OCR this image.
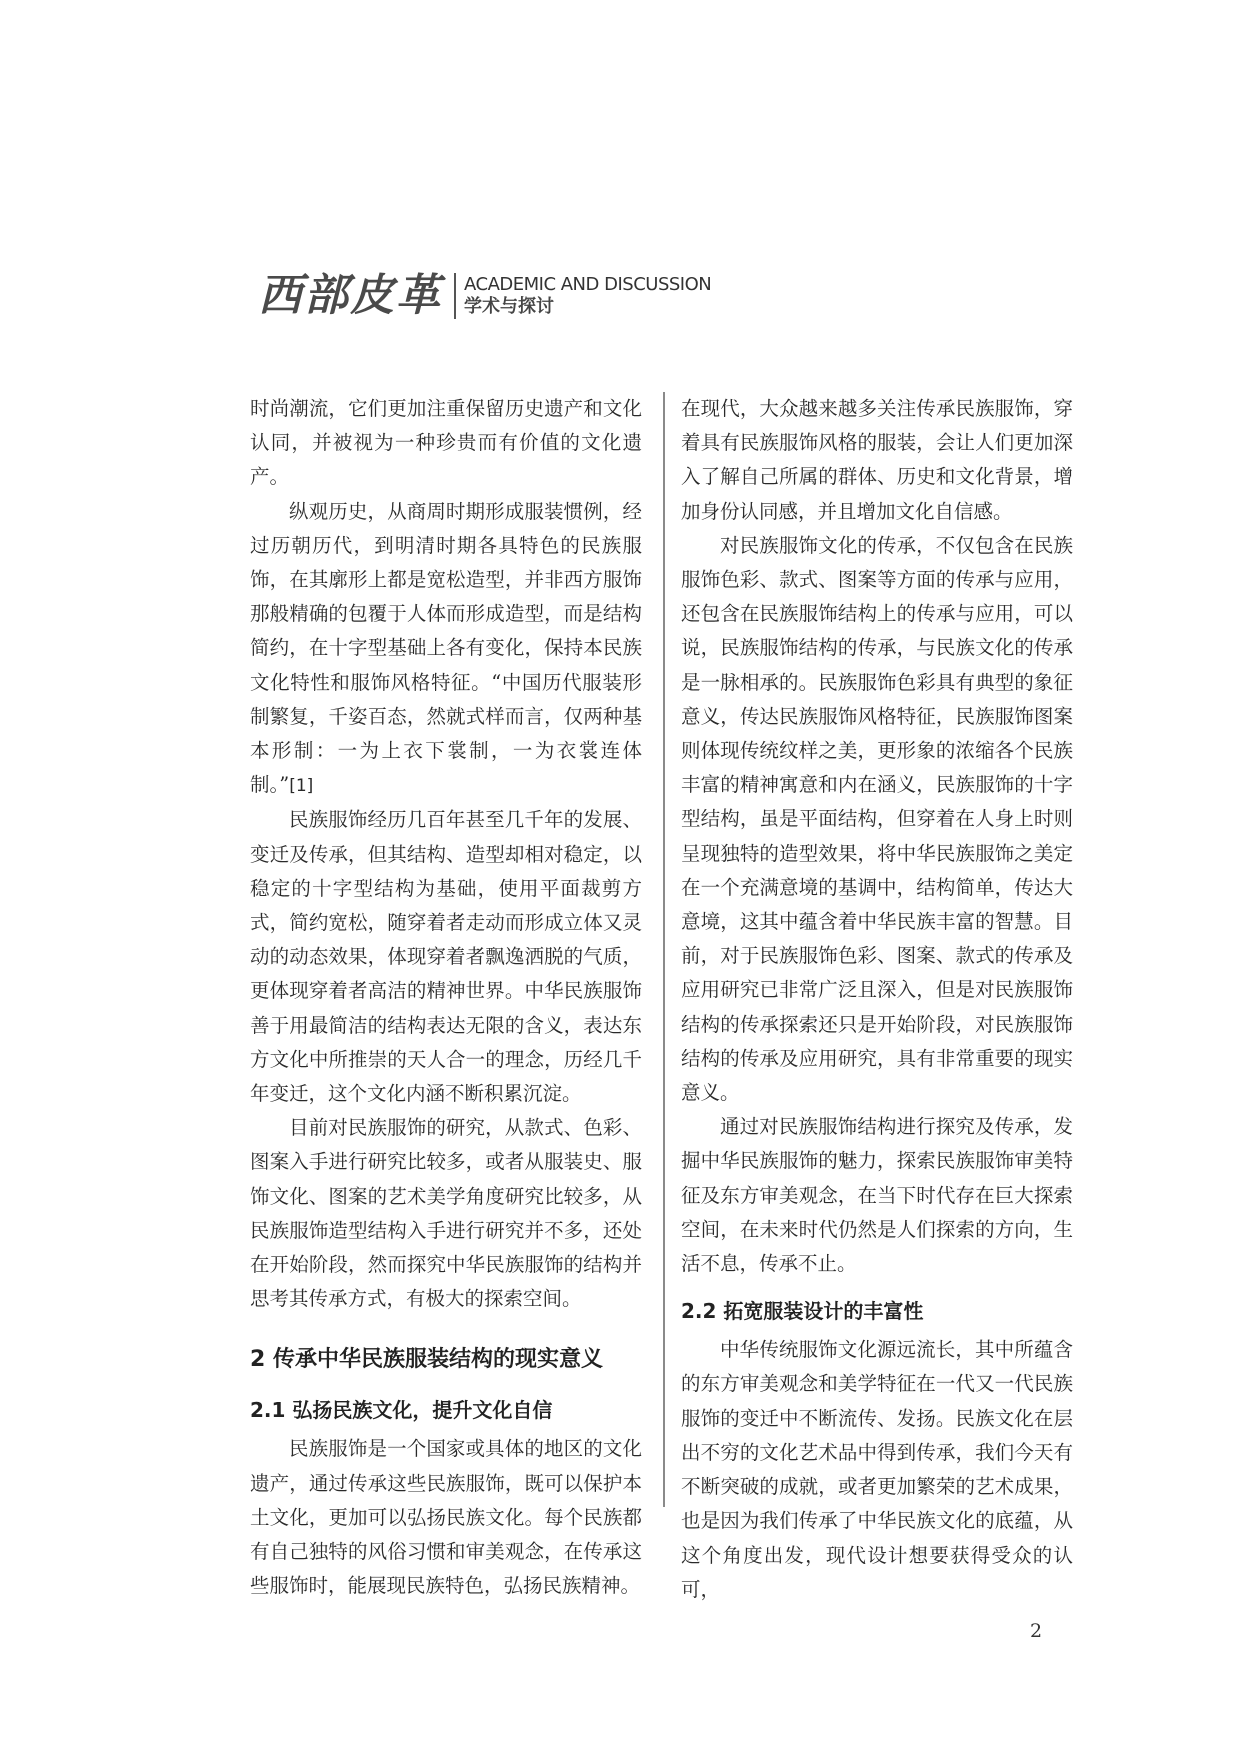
西部皮革 ACADEMIC AND DISCUSSION
学术与探讨

时尚潮流，它们更加注重保留历史遗产和文化认同，并被视为一种珍贵而有价值的文化遗产。

纵观历史，从商周时期形成服装惯例，经过历朝历代，到明清时期各具特色的民族服饰，在其廓形上都是宽松造型，并非西方服饰那般精确的包覆于人体而形成造型，而是结构简约，在十字型基础上各有变化，保持本民族文化特性和服饰风格特征。“中国历代服装形制繁复，千姿百态，然就式样而言，仅两种基本形制：一为上衣下裳制，一为衣裳连体制。”[1]

民族服饰经历几百年甚至几千年的发展、变迁及传承，但其结构、造型却相对稳定，以稳定的十字型结构为基础，使用平面裁剪方式，简约宽松，随穿着者走动而形成立体又灵动的动态效果，体现穿着者飘逸洒脱的气质，更体现穿着者高洁的精神世界。中华民族服饰善于用最简洁的结构表达无限的含义，表达东方文化中所推崇的天人合一的理念，历经几千年变迁，这个文化内涵不断积累沉淀。

目前对民族服饰的研究，从款式、色彩、图案入手进行研究比较多，或者从服装史、服饰文化、图案的艺术美学角度研究比较多，从民族服饰造型结构入手进行研究并不多，还处在开始阶段，然而探究中华民族服饰的结构并思考其传承方式，有极大的探索空间。

2 传承中华民族服装结构的现实意义
2.1 弘扬民族文化，提升文化自信

民族服饰是一个国家或具体的地区的文化遗产，通过传承这些民族服饰，既可以保护本土文化，更加可以弘扬民族文化。每个民族都有自己独特的风俗习惯和审美观念，在传承这些服饰时，能展现民族特色，弘扬民族精神。

在现代，大众越来越多关注传承民族服饰，穿着具有民族服饰风格的服装，会让人们更加深入了解自己所属的群体、历史和文化背景，增加身份认同感，并且增加文化自信感。

对民族服饰文化的传承，不仅包含在民族服饰色彩、款式、图案等方面的传承与应用，还包含在民族服饰结构上的传承与应用，可以说，民族服饰结构的传承，与民族文化的传承是一脉相承的。民族服饰色彩具有典型的象征意义，传达民族服饰风格特征，民族服饰图案则体现传统纹样之美，更形象的浓缩各个民族丰富的精神寓意和内在涵义，民族服饰的十字型结构，虽是平面结构，但穿着在人身上时则呈现独特的造型效果，将中华民族服饰之美定在一个充满意境的基调中，结构简单，传达大意境，这其中蕴含着中华民族丰富的智慧。目前，对于民族服饰色彩、图案、款式的传承及应用研究已非常广泛且深入，但是对民族服饰结构的传承探索还只是开始阶段，对民族服饰结构的传承及应用研究，具有非常重要的现实意义。

通过对民族服饰结构进行探究及传承，发掘中华民族服饰的魅力，探索民族服饰审美特征及东方审美观念，在当下时代存在巨大探索空间，在未来时代仍然是人们探索的方向，生活不息，传承不止。

2.2 拓宽服装设计的丰富性

中华传统服饰文化源远流长，其中所蕴含的东方审美观念和美学特征在一代又一代民族服饰的变迁中不断流传、发扬。民族文化在层出不穷的文化艺术品中得到传承，我们今天有不断突破的成就，或者更加繁荣的艺术成果，也是因为我们传承了中华民族文化的底蕴，从这个角度出发，现代设计想要获得受众的认可，

2
